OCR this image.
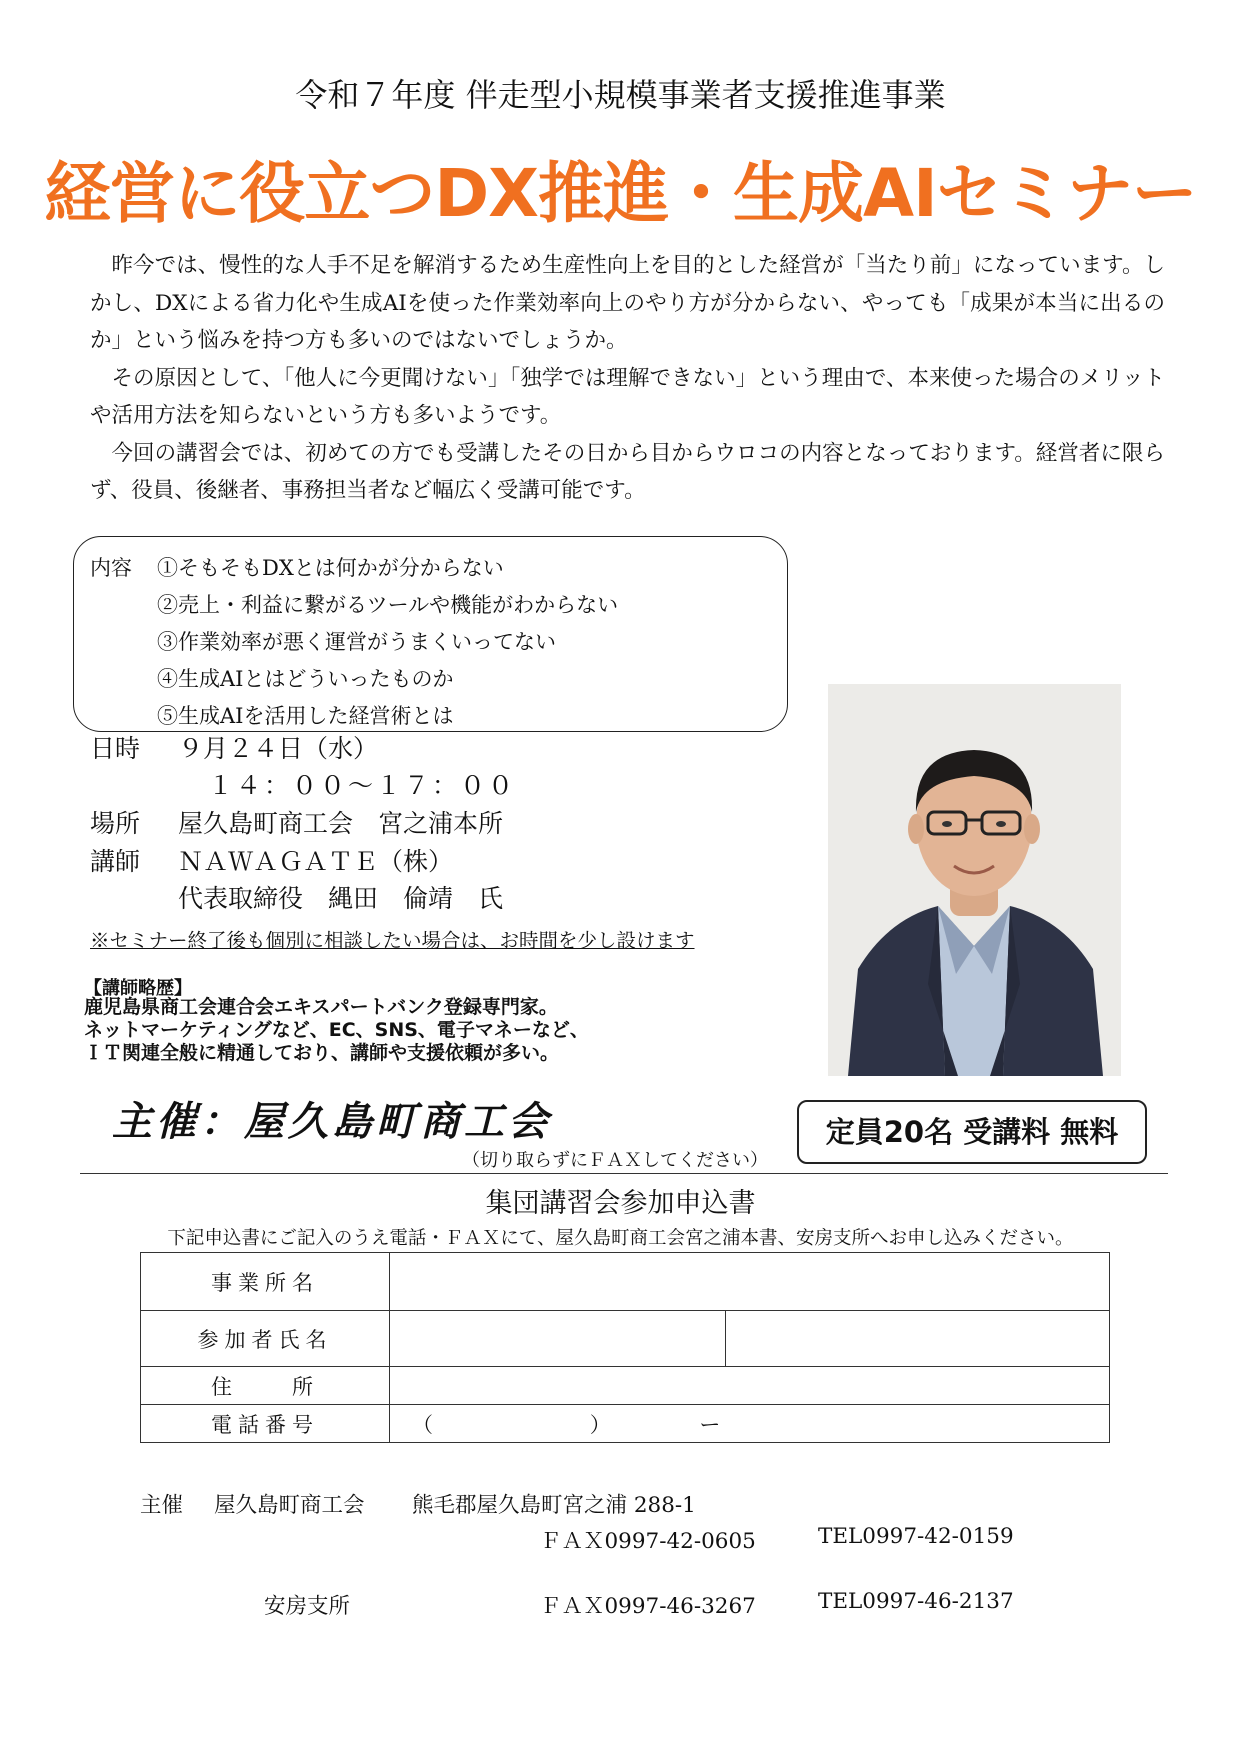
令和７年度 伴走型小規模事業者支援推進事業
経営に役立つDX推進・生成AIセミナー

昨今では、慢性的な人手不足を解消するため生産性向上を目的とした経営が「当たり前」になっています。しかし、DXによる省力化や生成AIを使った作業効率向上のやり方が分からない、やっても「成果が本当に出るのか」という悩みを持つ方も多いのではないでしょうか。

その原因として、「他人に今更聞けない」「独学では理解できない」という理由で、本来使った場合のメリットや活用方法を知らないという方も多いようです。

今回の講習会では、初めての方でも受講したその日から目からウロコの内容となっております。経営者に限らず、役員、後継者、事務担当者など幅広く受講可能です。

内容 ①そもそもDXとは何かが分からない
②売上・利益に繋がるツールや機能がわからない
③作業効率が悪く運営がうまくいってない
④生成AIとはどういったものか
⑤生成AIを活用した経営術とは
日時 ９月２４日（水）
１４：００〜１７：００
場所 屋久島町商工会　宮之浦本所
講師 ＮＡＷＡＧＡＴＥ（株）
代表取締役　縄田　倫靖　氏
※セミナー終了後も個別に相談したい場合は、お時間を少し設けます
【講師略歴】
鹿児島県商工会連合会エキスパートバンク登録専門家。
ネットマーケティングなど、EC、SNS、電子マネーなど、
ＩＴ関連全般に精通しており、講師や支援依頼が多い。
主催：屋久島町商工会	定員20名 受講料 無料
（切り取らずにＦＡＸしてください）
集団講習会参加申込書
下記申込書にご記入のうえ電話・ＦＡＸにて、屋久島町商工会宮之浦本書、安房支所へお申し込みください。
事業所名		
参加者氏名		
住　　所		
電話番号	（ ） ー	
主催 屋久島町商工会 熊毛郡屋久島町宮之浦 288-1
ＦＡＸ0997-42-0605	TEL0997-42-0159
安房支所	ＦＡＸ0997-46-3267	TEL0997-46-2137
